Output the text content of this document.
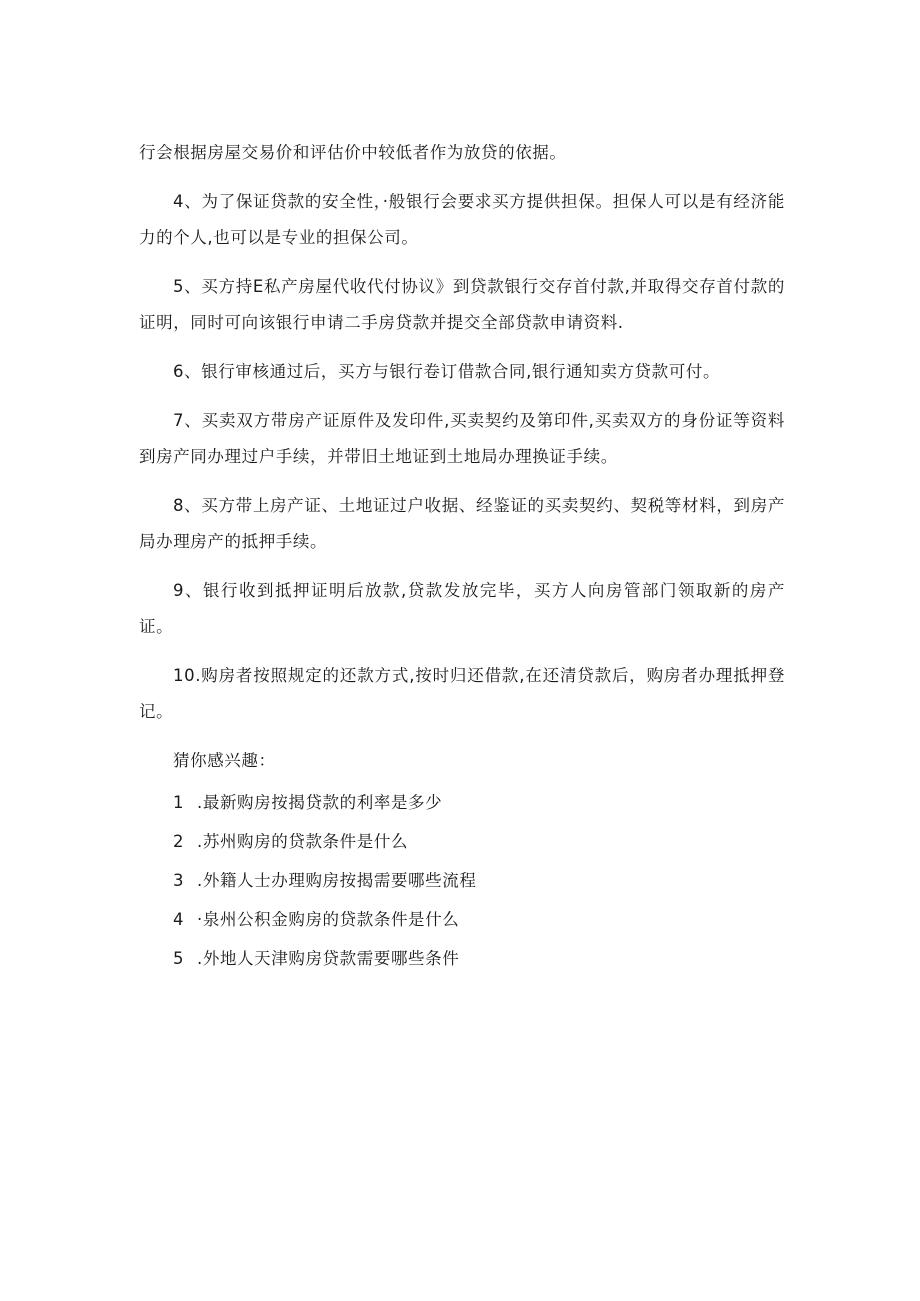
行会根据房屋交易价和评估价中较低者作为放贷的依据。

4、为了保证贷款的安全性，·般银行会要求买方提供担保。担保人可以是有经济能力的个人,也可以是专业的担保公司。

5、买方持E私产房屋代收代付协议》到贷款银行交存首付款,并取得交存首付款的证明，同时可向该银行申请二手房贷款并提交全部贷款申请资料.

6、银行审核通过后，买方与银行卷订借款合同,银行通知卖方贷款可付。

7、买卖双方带房产证原件及发印件,买卖契约及第印件,买卖双方的身份证等资料到房产同办理过户手续，并带旧土地证到土地局办理换证手续。

8、买方带上房产证、土地证过户收据、经鉴证的买卖契约、契税等材料，到房产局办理房产的抵押手续。

9、银行收到抵押证明后放款,贷款发放完毕，买方人向房管部门领取新的房产证。

10.购房者按照规定的还款方式,按时归还借款,在还清贷款后，购房者办理抵押登记。

猜你感兴趣：

1 .最新购房按揭贷款的利率是多少
2 .苏州购房的贷款条件是什么
3 .外籍人士办理购房按揭需要哪些流程
4 ·泉州公积金购房的贷款条件是什么
5 .外地人天津购房贷款需要哪些条件
